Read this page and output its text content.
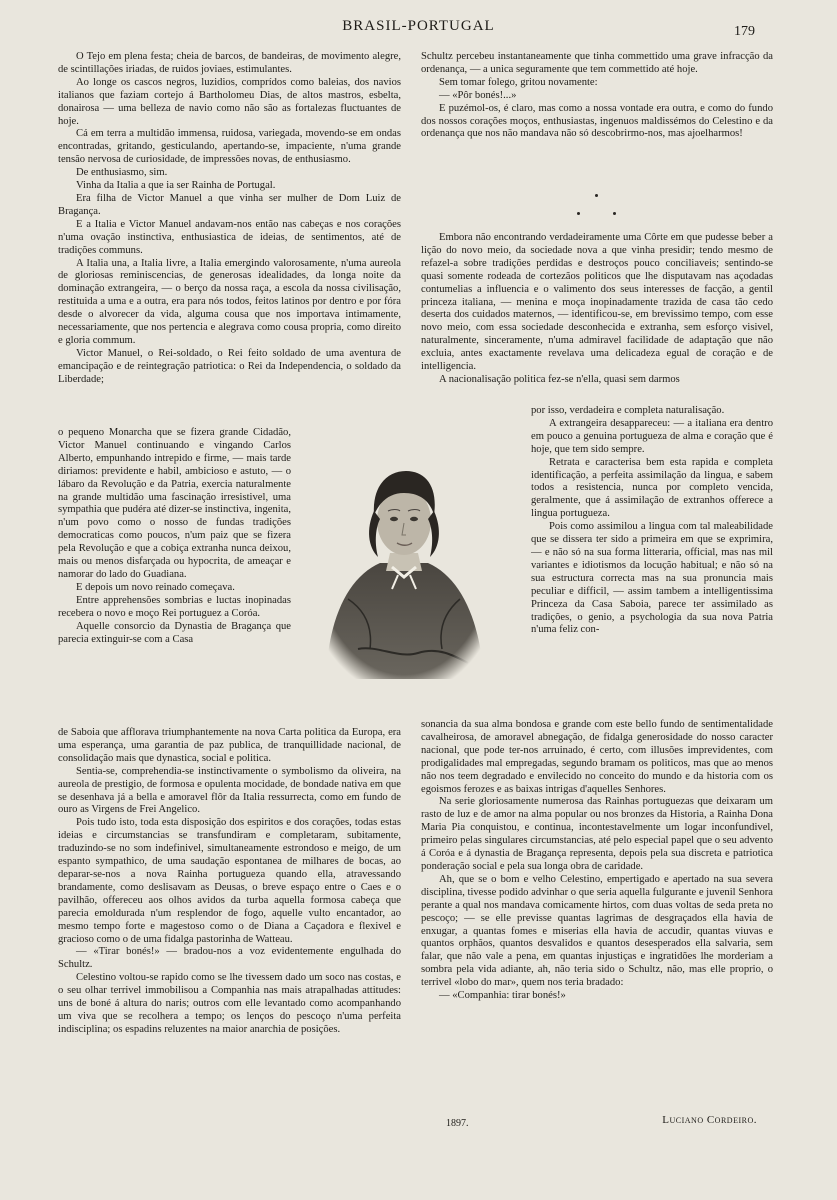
BRASIL-PORTUGAL	179

O Tejo em plena festa; cheia de barcos, de bandeiras, de movimento alegre, de scintillações iriadas, de ruidos joviaes, estimulantes.

Ao longe os cascos negros, luzidios, comprídos como baleias, dos navios italianos que faziam cortejo á Bartholomeu Dias, de altos mastros, esbelta, donairosa — uma belleza de navio como não são as fortalezas fluctuantes de hoje.

Cá em terra a multidão immensa, ruidosa, variegada, movendo-se em ondas encontradas, gritando, gesticulando, apertando-se, impaciente, n'uma grande tensão nervosa de curiosidade, de impressões novas, de enthusiasmo.

De enthusiasmo, sim.

Vinha da Italia a que ia ser Rainha de Portugal.

Era filha de Victor Manuel a que vinha ser mulher de Dom Luiz de Bragança.

E a Italia e Victor Manuel andavam-nos então nas cabeças e nos corações n'uma ovação instinctiva, enthusiastica de ideias, de sentimentos, até de tradições communs.

A Italia una, a Italia livre, a Italia emergindo valorosamente, n'uma aureola de gloriosas reminiscencias, de generosas idealidades, da longa noite da dominação extrangeira, — o berço da nossa raça, a escola da nossa civilisação, restituida a uma e a outra, era para nós todos, feitos latinos por dentro e por fóra desde o alvorecer da vida, alguma cousa que nos importava intimamente, necessariamente, que nos pertencia e alegrava como cousa propria, como direito e gloria commum.

Victor Manuel, o Rei-soldado, o Rei feito soldado de uma aventura de emancipação e de reintegração patriotica: o Rei da Independencia, o soldado da Liberdade;

o pequeno Monarcha que se fizera grande Cidadão, Victor Manuel continuando e vingando Carlos Alberto, empunhando intrepido e firme, — mais tarde diriamos: previdente e habil, ambicioso e astuto, — o lábaro da Revolução e da Patria, exercia naturalmente na grande multidão uma fascinação irresistivel, uma sympathia que pudéra até dizer-se instinctiva, ingenita, n'um povo como o nosso de fundas tradições democraticas como poucos, n'um paiz que se fizera pela Revolução e que a cobiça extranha nunca deixou, mais ou menos disfarçada ou hypocrita, de ameaçar e namorar do lado do Guadiana.

E depois um novo reinado começava.

Entre apprehensões sombrias e luctas inopinadas recebera o novo e moço Rei portuguez a Coróa.

Aquelle consorcio da Dynastia de Bragança que parecia extinguir-se com a Casa

de Saboia que afflorava triumphantemente na nova Carta politica da Europa, era uma esperança, uma garantia de paz publica, de tranquillidade nacional, de consolidação mais que dynastica, social e politica.

Sentia-se, comprehendia-se instinctivamente o symbolismo da oliveira, na aureola de prestigio, de formosa e opulenta mocidade, de bondade nativa em que se desenhava já a bella e amoravel flôr da Italia ressurrecta, como em fundo de ouro as Virgens de Frei Angelico.

Pois tudo isto, toda esta disposição dos espiritos e dos corações, todas estas ideias e circumstancias se transfundiram e completaram, subitamente, traduzindo-se no som indefinivel, simultaneamente estrondoso e meigo, de um espanto sympathico, de uma saudação espontanea de milhares de bocas, ao deparar-se-nos a nova Rainha portugueza quando ella, atravessando brandamente, como deslisavam as Deusas, o breve espaço entre o Caes e o pavilhão, offereceu aos olhos avidos da turba aquella formosa cabeça que parecia emoldurada n'um resplendor de fogo, aquelle vulto encantador, ao mesmo tempo forte e magestoso como o de Diana a Caçadora e flexivel e gracioso como o de uma fidalga pastorinha de Watteau.

— «Tirar bonés!» — bradou-nos a voz evidentemente engulhada do Schultz.

Celestino voltou-se rapido como se lhe tivessem dado um soco nas costas, e o seu olhar terrivel immobilisou a Companhia nas mais atrapalhadas attitudes: uns de boné á altura do naris; outros com elle levantado como acompanhando um viva que se recolhera a tempo; os lenços do pescoço n'uma perfeita indisciplina; os espadins reluzentes na maior anarchia de posições.

Schultz percebeu instantaneamente que tinha commettido uma grave infracção da ordenança, — a unica seguramente que tem commettido até hoje.

Sem tomar folego, gritou novamente:

— «Pôr bonés!...»

E puzémol-os, é claro, mas como a nossa vontade era outra, e como do fundo dos nossos corações moços, enthusiastas, ingenuos maldissémos do Celestino e da ordenança que nos não mandava não só descobrirmo-nos, mas ajoelharmos!

Embora não encontrando verdadeiramente uma Côrte em que pudesse beber a lição do novo meio, da sociedade nova a que vinha presidir; tendo mesmo de refazel-a sobre tradições perdidas e destroços pouco conciliaveis; sentindo-se quasi somente rodeada de cortezãos politicos que lhe disputavam nas açodadas contumelias a influencia e o valimento dos seus interesses de facção, a gentil princeza italiana, — menina e moça inopinadamente trazida de casa tão cedo deserta dos cuidados maternos, — identificou-se, em brevissimo tempo, com esse novo meio, com essa sociedade desconhecida e extranha, sem esforço visivel, naturalmente, sinceramente, n'uma admiravel facilidade de adaptação que não excluia, antes exactamente revelava uma delicadeza egual de coração e de intelligencia.

A nacionalisação politica fez-se n'ella, quasi sem darmos

por isso, verdadeira e completa naturalisação.

A extrangeira desappareceu: — a italiana era dentro em pouco a genuina portugueza de alma e coração que é hoje, que tem sido sempre.

Retrata e caracterisa bem esta rapida e completa identificação, a perfeita assimilação da lingua, e sabem todos a resistencia, nunca por completo vencida, geralmente, que á assimilação de extranhos offerece a lingua portugueza.

Pois como assimilou a lingua com tal maleabilidade que se dissera ter sido a primeira em que se exprimira, — e não só na sua forma litteraria, official, mas nas mil variantes e idiotismos da locução habitual; e não só na sua estructura correcta mas na sua pronuncia mais peculiar e difficil, — assim tambem a intelligentissima Princeza da Casa Saboia, parece ter assimilado as tradições, o genio, a psychologia da sua nova Patria n'uma feliz con-

sonancia da sua alma bondosa e grande com este bello fundo de sentimentalidade cavalheirosa, de amoravel abnegação, de fidalga generosidade do nosso caracter nacional, que pode ter-nos arruinado, é certo, com illusões imprevidentes, com prodigalidades mal empregadas, segundo bramam os politicos, mas que ao menos não nos teem degradado e envilecido no conceito do mundo e da historia com os egoismos ferozes e as baixas intrigas d'aquelles Senhores.

Na serie gloriosamente numerosa das Rainhas portuguezas que deixaram um rasto de luz e de amor na alma popular ou nos bronzes da Historia, a Rainha Dona Maria Pia conquistou, e continua, incontestavelmente um logar inconfundivel, primeiro pelas singulares circumstancias, até pelo especial papel que o seu advento á Coróa e á dynastia de Bragança representa, depois pela sua discreta e patriotica ponderação social e pela sua longa obra de caridade.

Ah, que se o bom e velho Celestino, empertigado e apertado na sua severa disciplina, tivesse podido advinhar o que seria aquella fulgurante e juvenil Senhora perante a qual nos mandava comicamente hirtos, com duas voltas de seda preta no pescoço; — se elle previsse quantas lagrimas de desgraçados ella havia de enxugar, a quantas fomes e miserias ella havia de accudir, quantas viuvas e quantos orphãos, quantos desvalidos e quantos desesperados ella salvaria, sem falar, que não vale a pena, em quantas injustiças e ingratidões lhe morderiam a sombra pela vida adiante, ah, não teria sido o Schultz, não, mas elle proprio, o terrivel «lobo do mar», quem nos teria bradado:

— «Companhia: tirar bonés!»

1897.	Luciano Cordeiro.
